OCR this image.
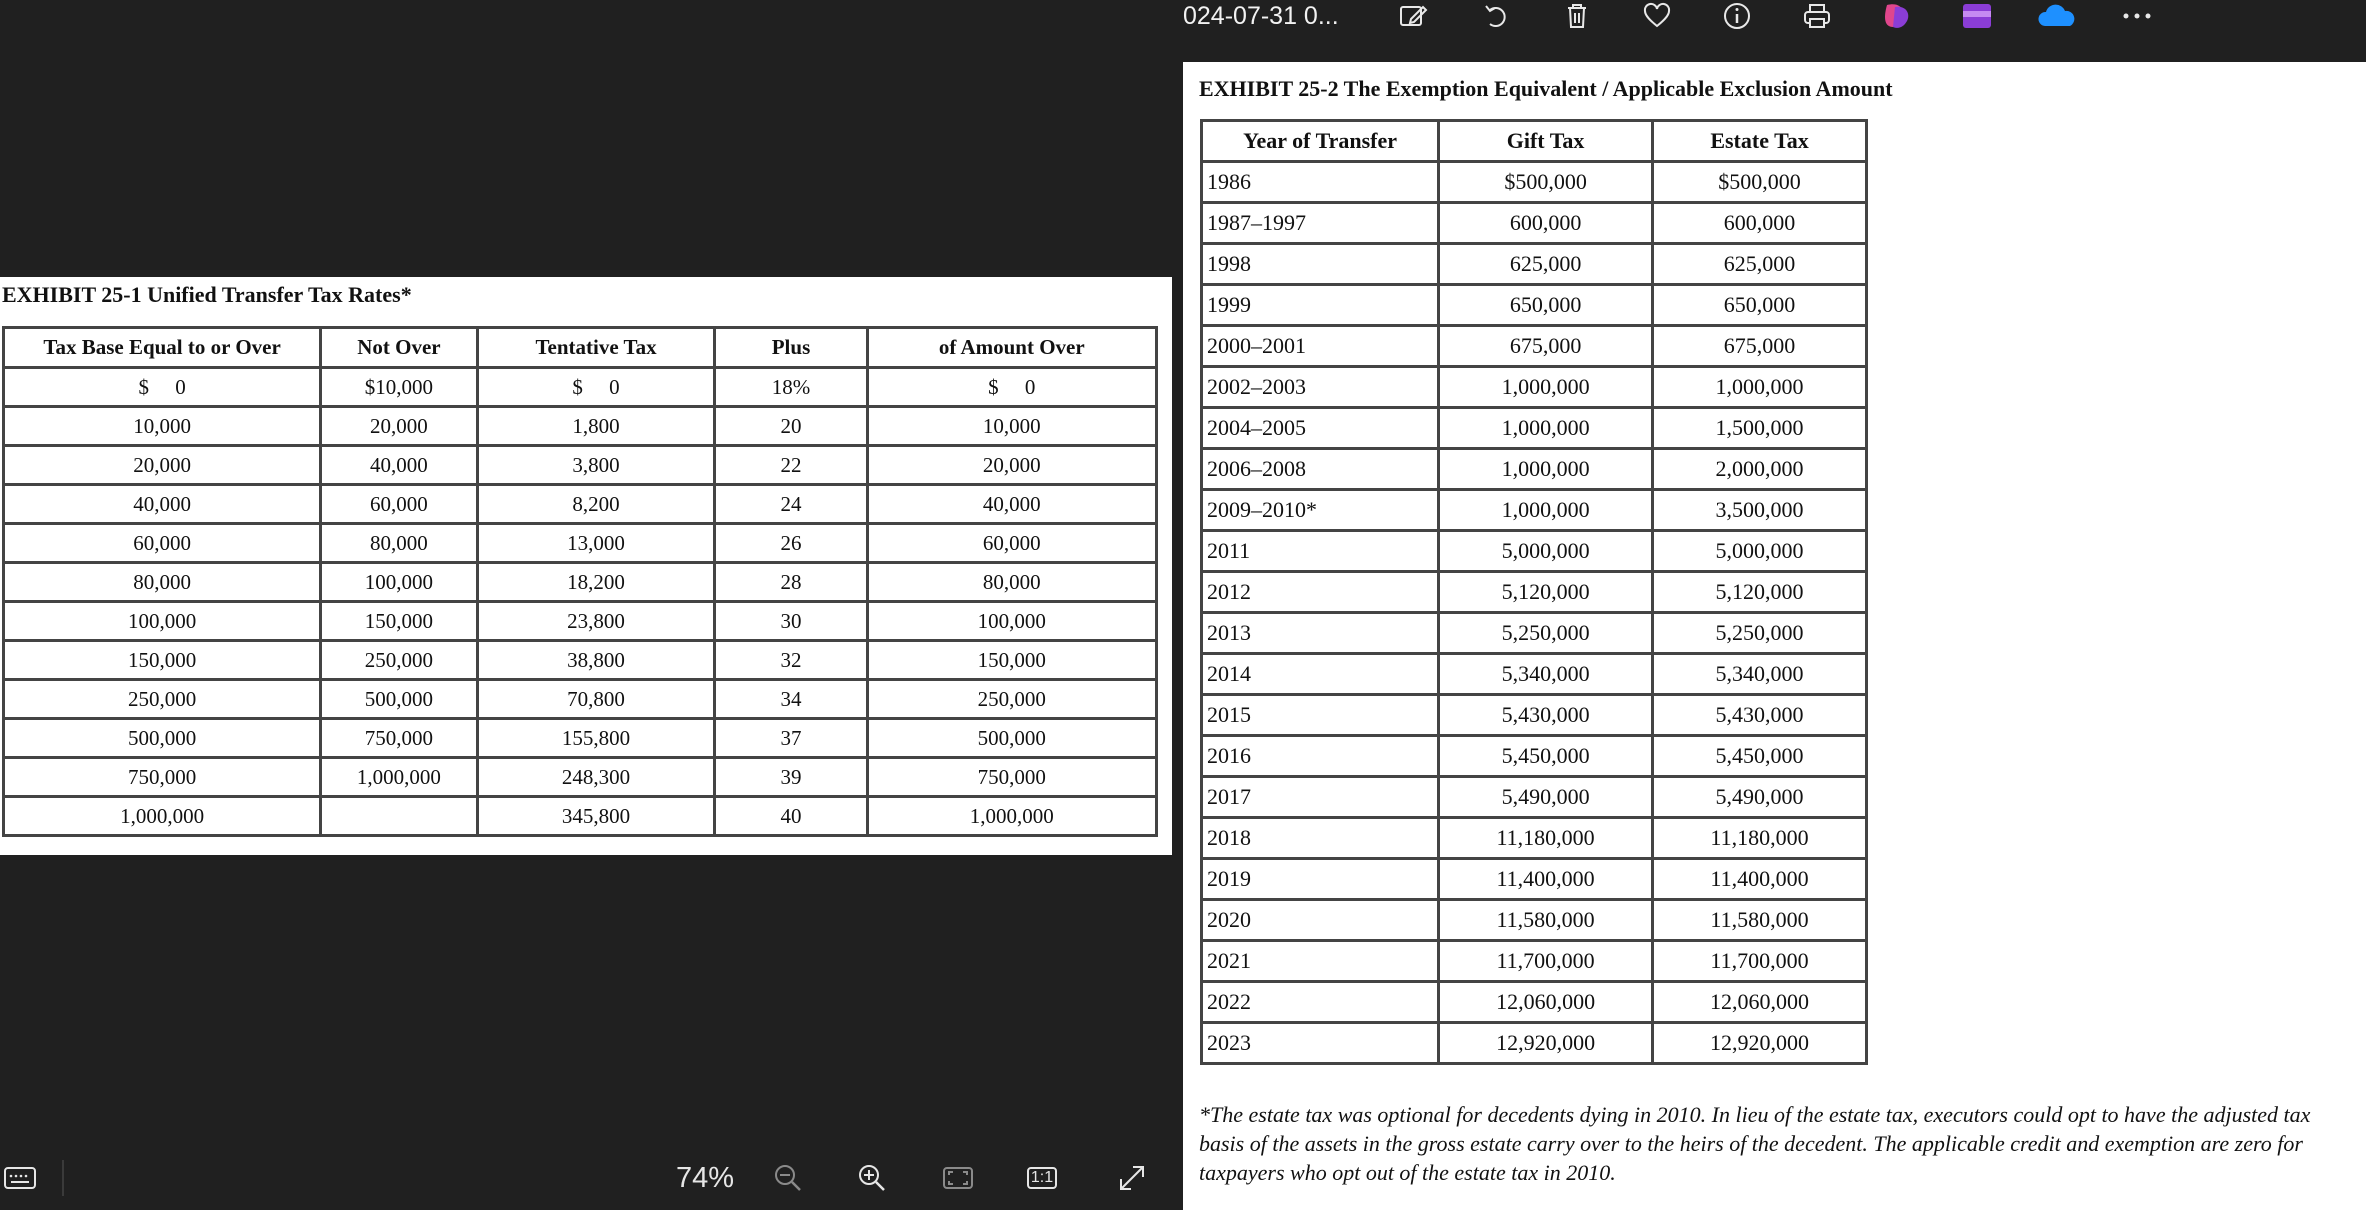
EXHIBIT 25-1 Unified Transfer Tax Rates*
Tax Base Equal to or Over	Not Over	Tentative Tax	Plus	of Amount Over
$     0	$10,000	$     0	18%	$     0
10,000	20,000	1,800	20	10,000
20,000	40,000	3,800	22	20,000
40,000	60,000	8,200	24	40,000
60,000	80,000	13,000	26	60,000
80,000	100,000	18,200	28	80,000
100,000	150,000	23,800	30	100,000
150,000	250,000	38,800	32	150,000
250,000	500,000	70,800	34	250,000
500,000	750,000	155,800	37	500,000
750,000	1,000,000	248,300	39	750,000
1,000,000		345,800	40	1,000,000
74%	1:1
024-07-31 0...
EXHIBIT 25-2 The Exemption Equivalent / Applicable Exclusion Amount
Year of Transfer	Gift Tax	Estate Tax
1986	$500,000	$500,000
1987–1997	600,000	600,000
1998	625,000	625,000
1999	650,000	650,000
2000–2001	675,000	675,000
2002–2003	1,000,000	1,000,000
2004–2005	1,000,000	1,500,000
2006–2008	1,000,000	2,000,000
2009–2010*	1,000,000	3,500,000
2011	5,000,000	5,000,000
2012	5,120,000	5,120,000
2013	5,250,000	5,250,000
2014	5,340,000	5,340,000
2015	5,430,000	5,430,000
2016	5,450,000	5,450,000
2017	5,490,000	5,490,000
2018	11,180,000	11,180,000
2019	11,400,000	11,400,000
2020	11,580,000	11,580,000
2021	11,700,000	11,700,000
2022	12,060,000	12,060,000
2023	12,920,000	12,920,000
*The estate tax was optional for decedents dying in 2010. In lieu of the estate tax, executors could opt to have the adjusted tax basis of the assets in the gross estate carry over to the heirs of the decedent. The applicable credit and exemption are zero for taxpayers who opt out of the estate tax in 2010.
